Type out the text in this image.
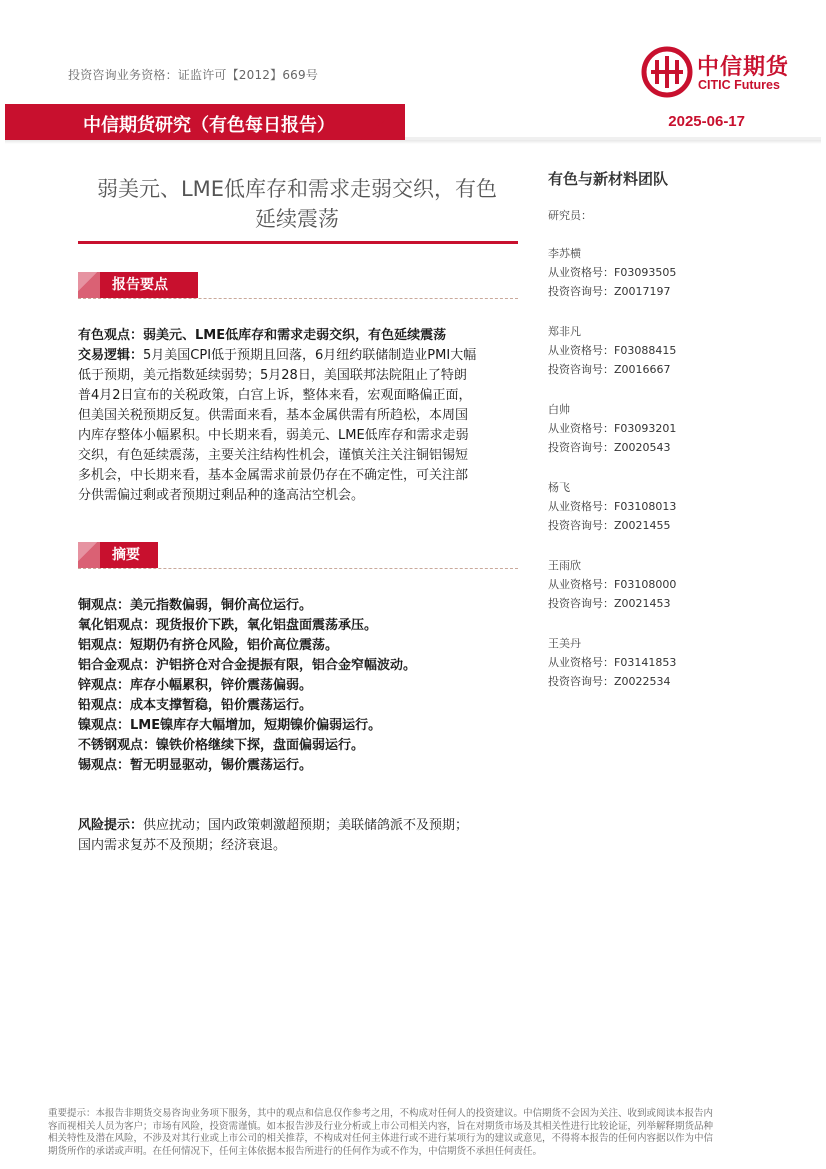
投资咨询业务资格：证监许可【2012】669号	中信期货
CITIC Futures
中信期货研究（有色每日报告）	2025-06-17
弱美元、LME低库存和需求走弱交织，有色
延续震荡
报告要点
有色观点：弱美元、LME低库存和需求走弱交织，有色延续震荡
交易逻辑：5月美国CPI低于预期且回落，6月纽约联储制造业PMI大幅
低于预期，美元指数延续弱势；5月28日，美国联邦法院阻止了特朗
普4月2日宣布的关税政策，白宫上诉，整体来看，宏观面略偏正面，
但美国关税预期反复。供需面来看，基本金属供需有所趋松，本周国
内库存整体小幅累积。中长期来看，弱美元、LME低库存和需求走弱
交织，有色延续震荡，主要关注结构性机会，谨慎关注关注铜铝锡短
多机会，中长期来看，基本金属需求前景仍存在不确定性，可关注部
分供需偏过剩或者预期过剩品种的逢高沽空机会。
摘要
铜观点：美元指数偏弱，铜价高位运行。
氧化铝观点：现货报价下跌，氧化铝盘面震荡承压。
铝观点：短期仍有挤仓风险，铝价高位震荡。
铝合金观点：沪铝挤仓对合金提振有限，铝合金窄幅波动。
锌观点：库存小幅累积，锌价震荡偏弱。
铅观点：成本支撑暂稳，铅价震荡运行。
镍观点：LME镍库存大幅增加，短期镍价偏弱运行。
不锈钢观点：镍铁价格继续下探，盘面偏弱运行。
锡观点：暂无明显驱动，锡价震荡运行。
风险提示：供应扰动；国内政策刺激超预期；美联储鸽派不及预期；
国内需求复苏不及预期；经济衰退。
有色与新材料团队
研究员：
李苏横
从业资格号：F03093505
投资咨询号：Z0017197
郑非凡
从业资格号：F03088415
投资咨询号：Z0016667
白帅
从业资格号：F03093201
投资咨询号：Z0020543
杨飞
从业资格号：F03108013
投资咨询号：Z0021455
王雨欣
从业资格号：F03108000
投资咨询号：Z0021453
王美丹
从业资格号：F03141853
投资咨询号：Z0022534
重要提示：本报告非期货交易咨询业务项下服务，其中的观点和信息仅作参考之用，不构成对任何人的投资建议。中信期货不会因为关注、收到或阅读本报告内
容而视相关人员为客户；市场有风险，投资需谨慎。如本报告涉及行业分析或上市公司相关内容，旨在对期货市场及其相关性进行比较论证，列举解释期货品种
相关特性及潜在风险，不涉及对其行业或上市公司的相关推荐，不构成对任何主体进行或不进行某项行为的建议或意见，不得将本报告的任何内容据以作为中信
期货所作的承诺或声明。在任何情况下，任何主体依据本报告所进行的任何作为或不作为，中信期货不承担任何责任。
